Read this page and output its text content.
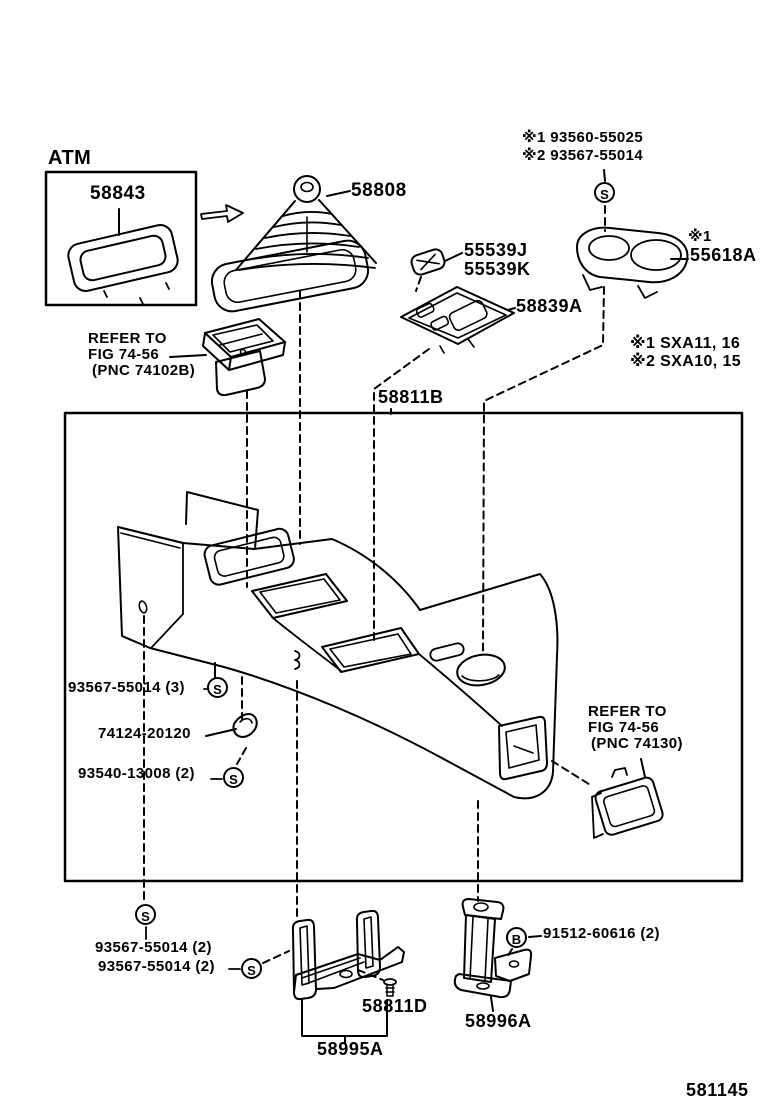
ATM
58843	58808
※1 93560-55025
※2 93567-55014
55539J
55539K
※1
55618A
58839A
REFER TO
FIG 74-56
(PNC 74102B)
※1 SXA11, 16
※2 SXA10, 15
58811B
93567-55014 (3)
74124-20120
93540-13008 (2)
REFER TO
FIG 74-56
(PNC 74130)
93567-55014 (2)
93567-55014 (2)
91512-60616 (2)
58811D
58996A
58995A
581145
S
S
S
S
S
B
